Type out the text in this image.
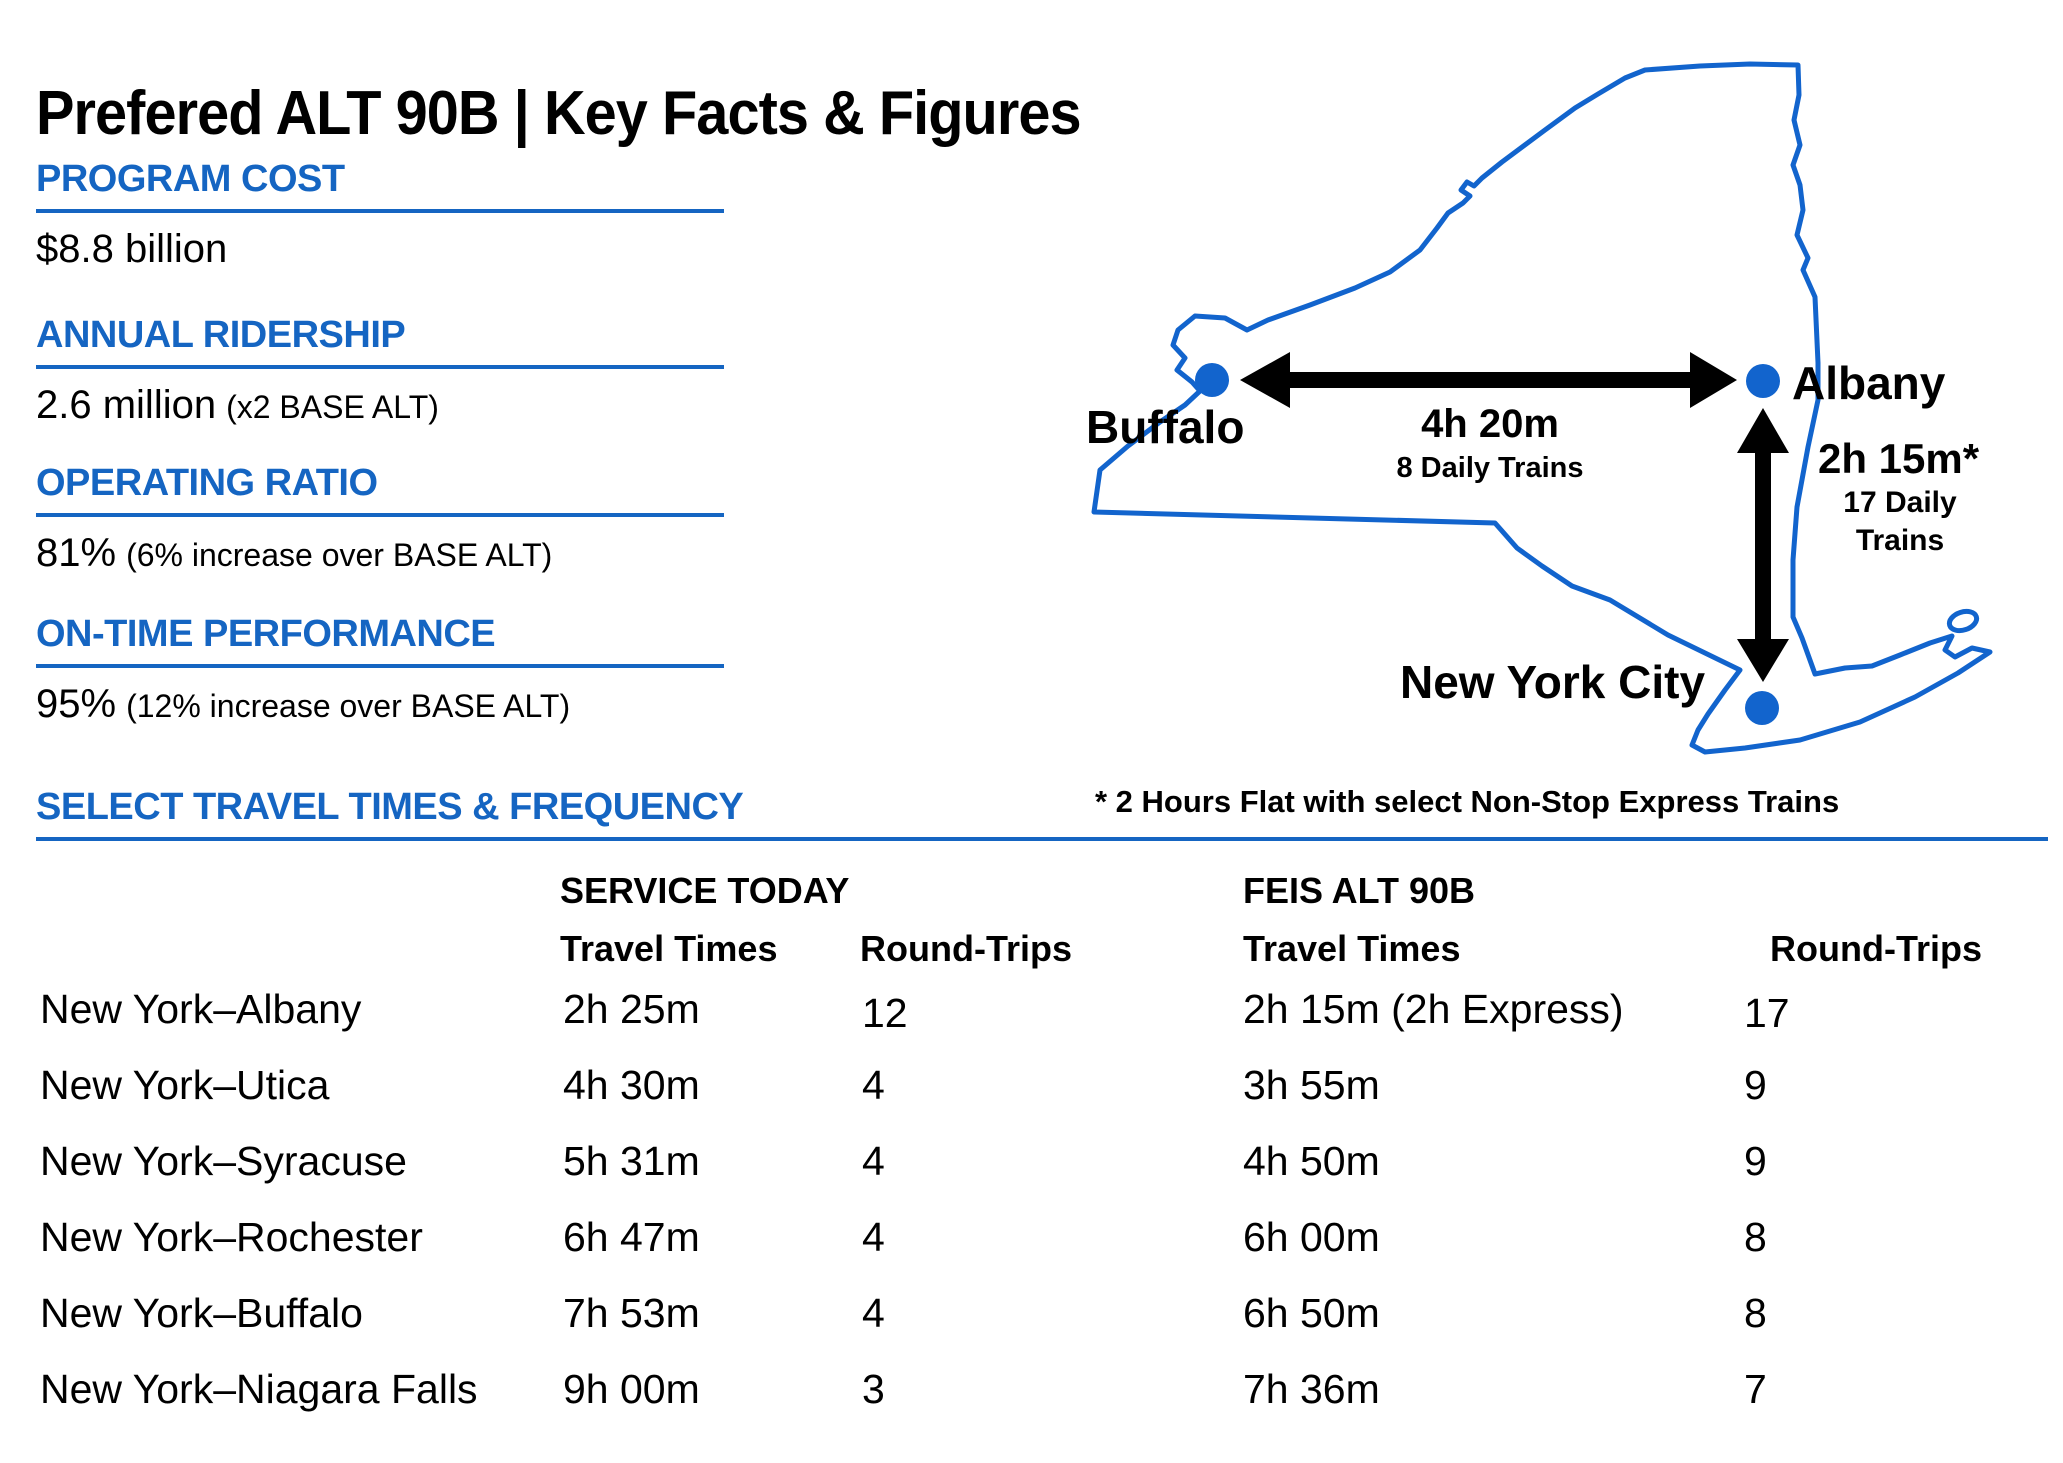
Prefered ALT 90B | Key Facts & Figures
PROGRAM COST
$8.8 billion
ANNUAL RIDERSHIP
2.6 million (x2 BASE ALT)
OPERATING RATIO
81% (6% increase over BASE ALT)
ON-TIME PERFORMANCE
95% (12% increase over BASE ALT)
Buffalo
Albany
New York City
4h 20m
8 Daily Trains	2h 15m*
17 Daily
Trains
* 2 Hours Flat with select Non-Stop Express Trains
SELECT TRAVEL TIMES & FREQUENCY
SERVICE TODAY	FEIS ALT 90B
Travel Times Round-Trips	Travel Times	Round-Trips
New York–Albany	2h 25m	12	2h 15m (2h Express)	17
New York–Utica	4h 30m	4	3h 55m	9
New York–Syracuse	5h 31m	4	4h 50m	9
New York–Rochester	6h 47m	4	6h 00m	8
New York–Buffalo	7h 53m	4	6h 50m	8
New York–Niagara Falls 9h 00m	3	7h 36m	7
